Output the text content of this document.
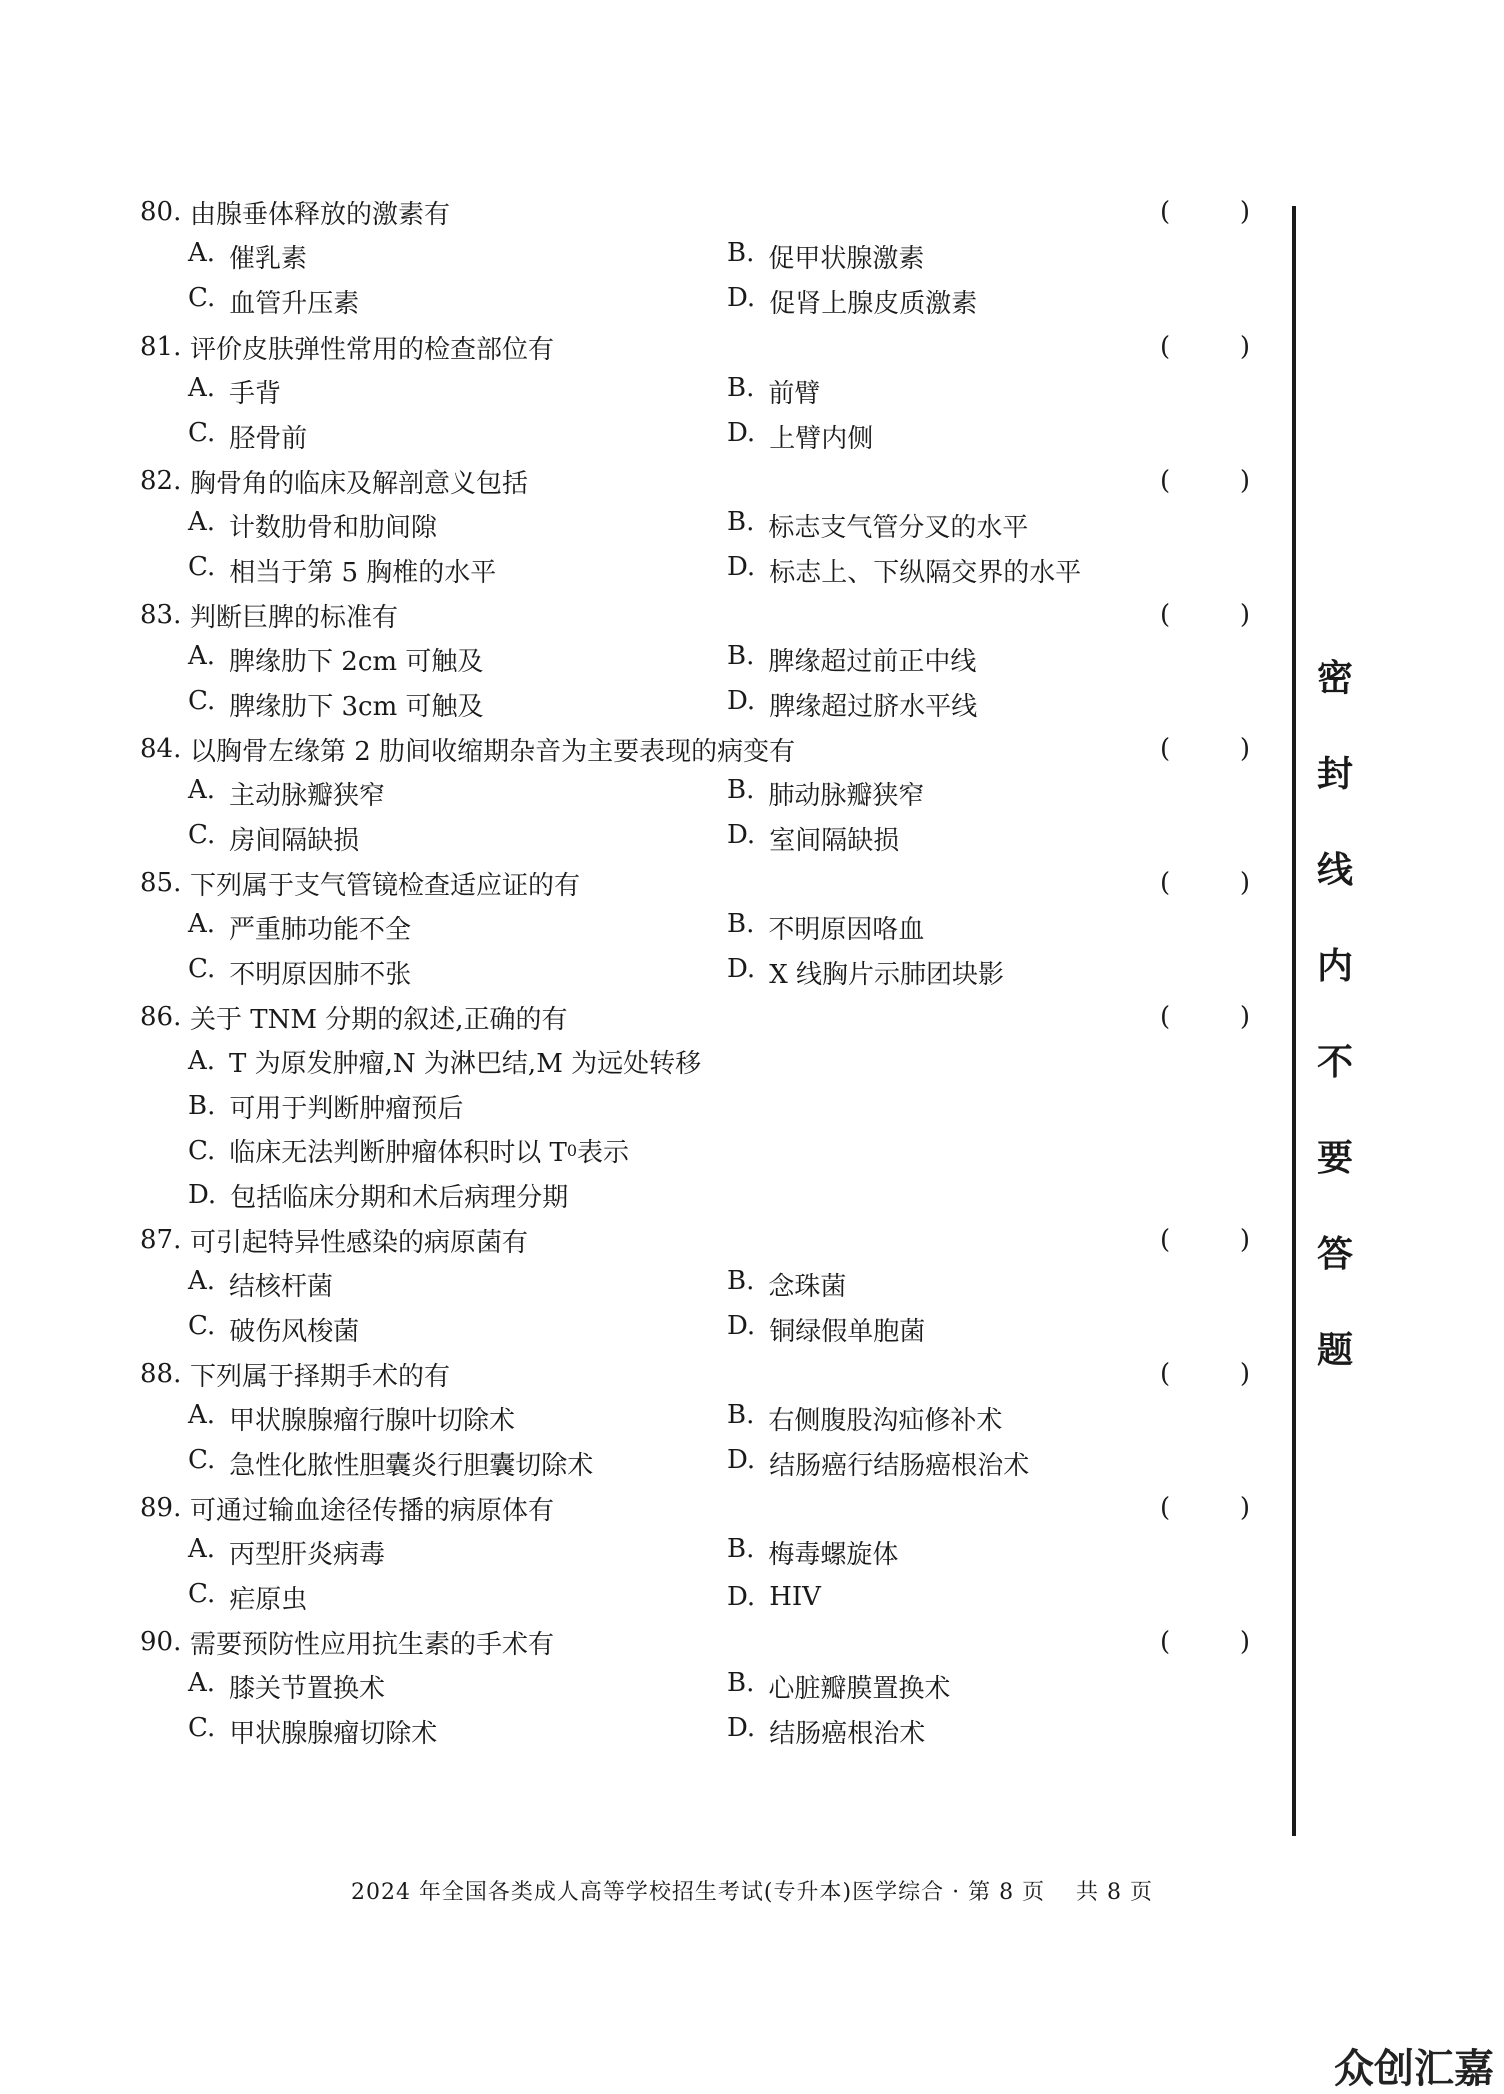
80. 由腺垂体释放的激素有	(	)
A. 催乳素	B. 促甲状腺激素
C. 血管升压素	D. 促肾上腺皮质激素
81. 评价皮肤弹性常用的检查部位有	(	)
A. 手背	B. 前臂
C. 胫骨前	D. 上臂内侧
82. 胸骨角的临床及解剖意义包括	(	)
A. 计数肋骨和肋间隙	B. 标志支气管分叉的水平
C. 相当于第 5 胸椎的水平	D. 标志上、下纵隔交界的水平
83. 判断巨脾的标准有	(	)
A. 脾缘肋下 2cm 可触及	B. 脾缘超过前正中线
C. 脾缘肋下 3cm 可触及	D. 脾缘超过脐水平线
84. 以胸骨左缘第 2 肋间收缩期杂音为主要表现的病变有	(	)
A. 主动脉瓣狭窄	B. 肺动脉瓣狭窄
C. 房间隔缺损	D. 室间隔缺损
85. 下列属于支气管镜检查适应证的有	(	)
A. 严重肺功能不全	B. 不明原因咯血
C. 不明原因肺不张	D. X 线胸片示肺团块影
86. 关于 TNM 分期的叙述,正确的有	(	)
A. T 为原发肿瘤,N 为淋巴结,M 为远处转移
B. 可用于判断肿瘤预后
C. 临床无法判断肿瘤体积时以 T 0 表示
D. 包括临床分期和术后病理分期
87. 可引起特异性感染的病原菌有	(	)
A. 结核杆菌	B. 念珠菌
C. 破伤风梭菌	D. 铜绿假单胞菌
88. 下列属于择期手术的有	(	)
A. 甲状腺腺瘤行腺叶切除术	B. 右侧腹股沟疝修补术
C. 急性化脓性胆囊炎行胆囊切除术	D. 结肠癌行结肠癌根治术
89. 可通过输血途径传播的病原体有	(	)
A. 丙型肝炎病毒	B. 梅毒螺旋体
C. 疟原虫	D. HIV
90. 需要预防性应用抗生素的手术有	(	)
A. 膝关节置换术	B. 心脏瓣膜置换术
C. 甲状腺腺瘤切除术	D. 结肠癌根治术
密
封
线
内
不
要
答
题
2024 年全国各类成人高等学校招生考试(专升本)医学综合 · 第 8 页　 共 8 页
众创汇嘉
